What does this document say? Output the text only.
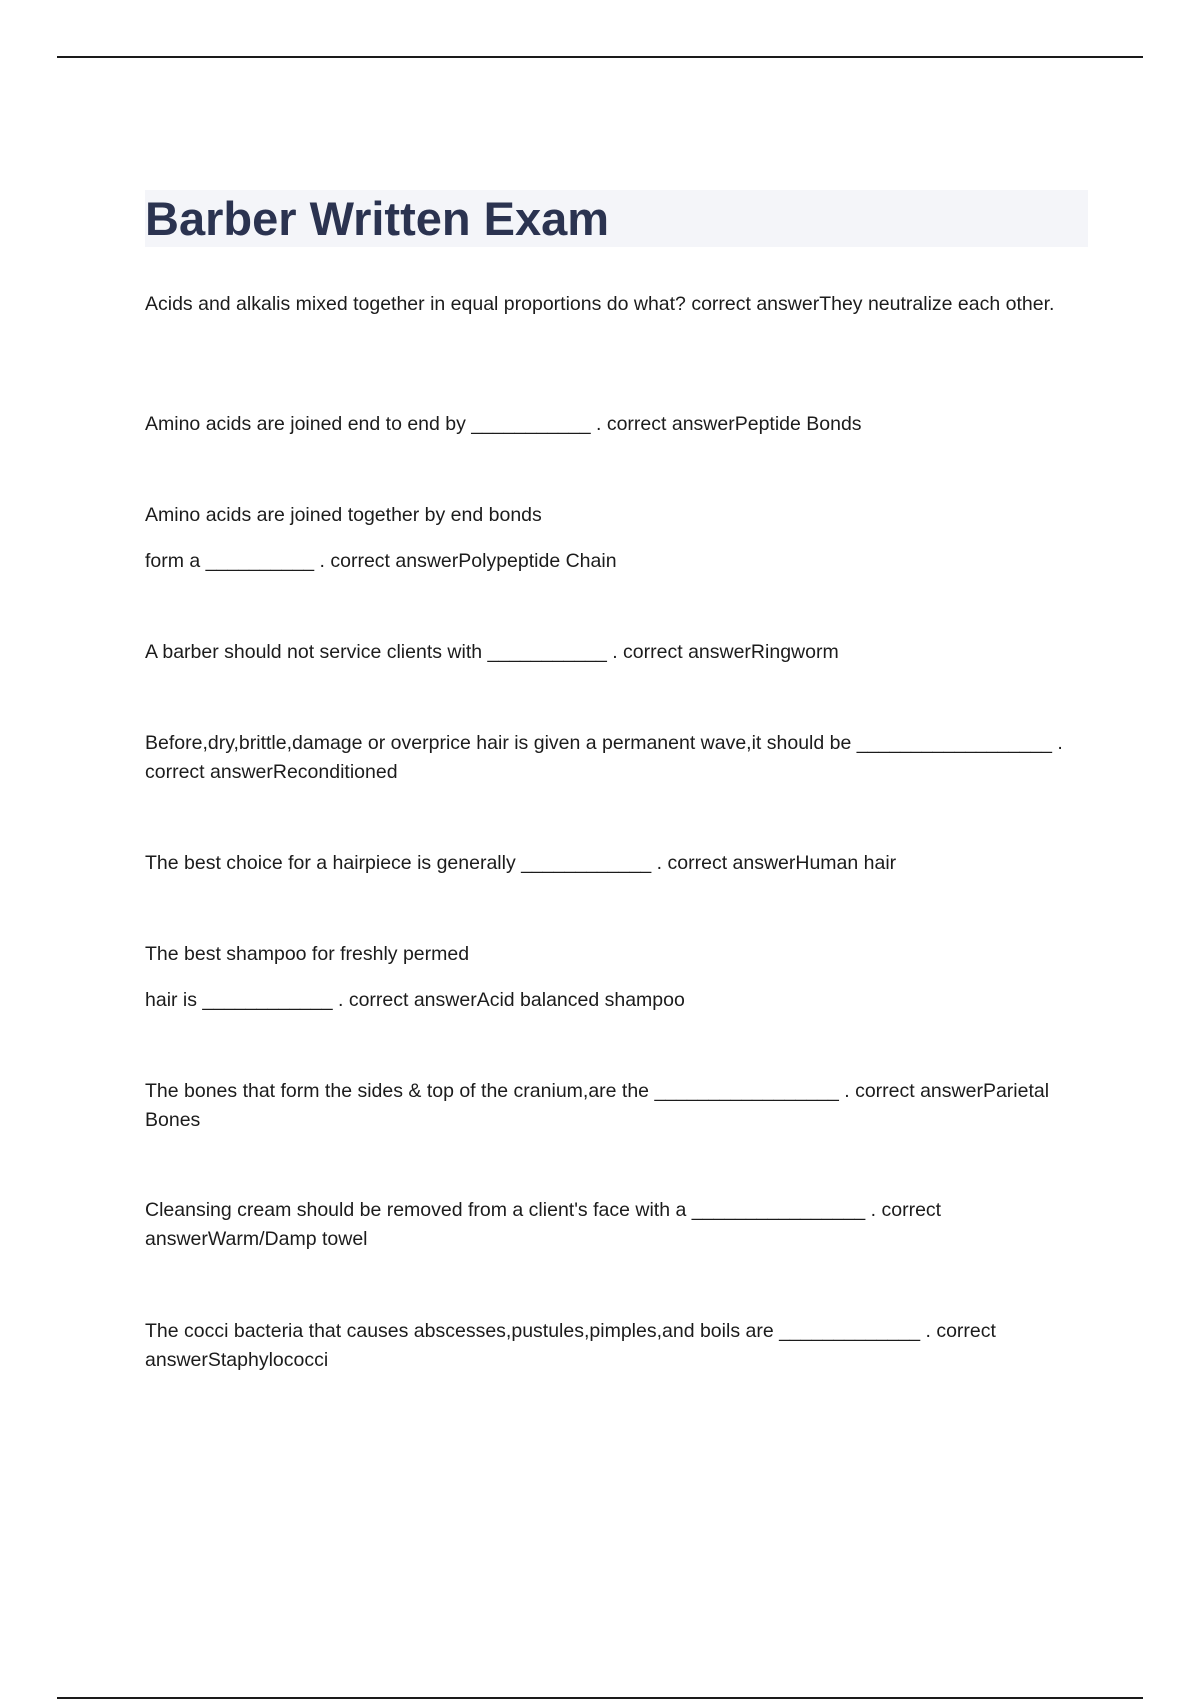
Barber Written Exam

Acids and alkalis mixed together in equal proportions do what? correct answerThey neutralize each other.

Amino acids are joined end to end by ___________ . correct answerPeptide Bonds

Amino acids are joined together by end bonds

form a __________ . correct answerPolypeptide Chain

A barber should not service clients with ___________ . correct answerRingworm

Before,dry,brittle,damage or overprice hair is given a permanent wave,it should be __________________ . correct answerReconditioned

The best choice for a hairpiece is generally ____________ . correct answerHuman hair

The best shampoo for freshly permed

hair is ____________ . correct answerAcid balanced shampoo

The bones that form the sides & top of the cranium,are the _________________ . correct answerParietal Bones

Cleansing cream should be removed from a client's face with a ________________ . correct answerWarm/Damp towel

The cocci bacteria that causes abscesses,pustules,pimples,and boils are _____________ . correct answerStaphylococci
